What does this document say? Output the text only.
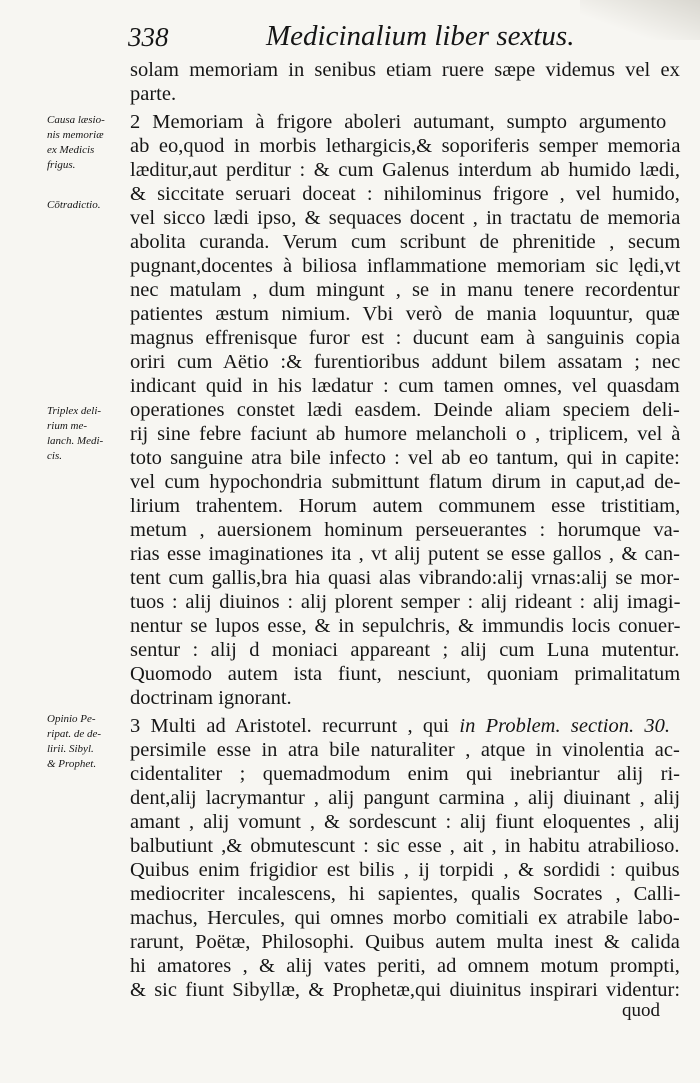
338	Medicinalium liber sextus.
Causa læsio-
nis memoriæ
ex Medicis
frigus.
Cōtradictio.
Triplex deli-
rium me-
lanch. Medi-
cis.
Opinio Pe-
ripat. de de-
lirii. Sibyl.
& Prophet.
solam memoriam in senibus etiam ruere sæpe videmus vel ex
parte.
2 Memoriam à frigore aboleri autumant, sumpto argumento
ab eo,quod in morbis lethargicis,& soporiferis semper memoria
læditur,aut perditur : & cum Galenus interdum ab humido lædi,
& siccitate seruari doceat : nihilominus frigore , vel humido,
vel sicco lædi ipso, & sequaces docent , in tractatu de memoria
abolita curanda. Verum cum scribunt de phrenitide , secum
pugnant,docentes à biliosa inflammatione memoriam sic lędi,vt
nec matulam , dum mingunt , se in manu tenere recordentur
patientes æstum nimium. Vbi verò de mania loquuntur, quæ
magnus effrenisque furor est : ducunt eam à sanguinis copia
oriri cum Aëtio :& furentioribus addunt bilem assatam ; nec
indicant quid in his lædatur : cum tamen omnes, vel quasdam
operationes constet lædi easdem. Deinde aliam speciem deli-
rij sine febre faciunt ab humore melancholi o , triplicem, vel à
toto sanguine atra bile infecto : vel ab eo tantum, qui in capite:
vel cum hypochondria submittunt flatum dirum in caput,ad de-
lirium trahentem. Horum autem communem esse tristitiam,
metum , auersionem hominum perseuerantes : horumque va-
rias esse imaginationes ita , vt alij putent se esse gallos , & can-
tent cum gallis,bra hia quasi alas vibrando:alij vrnas:alij se mor-
tuos : alij diuinos : alij plorent semper : alij rideant : alij imagi-
nentur se lupos esse, & in sepulchris, & immundis locis conuer-
sentur : alij d moniaci appareant ; alij cum Luna mutentur.
Quomodo autem ista fiunt, nesciunt, quoniam primalitatum
doctrinam ignorant.
3 Multi ad Aristotel. recurrunt , qui in Problem. section. 30.
persimile esse in atra bile naturaliter , atque in vinolentia ac-
cidentaliter ; quemadmodum enim qui inebriantur alij ri-
dent,alij lacrymantur , alij pangunt carmina , alij diuinant , alij
amant , alij vomunt , & sordescunt : alij fiunt eloquentes , alij
balbutiunt ,& obmutescunt : sic esse , ait , in habitu atrabilioso.
Quibus enim frigidior est bilis , ij torpidi , & sordidi : quibus
mediocriter incalescens, hi sapientes, qualis Socrates , Calli-
machus, Hercules, qui omnes morbo comitiali ex atrabile labo-
rarunt, Poëtæ, Philosophi. Quibus autem multa inest & calida
hi amatores , & alij vates periti, ad omnem motum prompti,
& sic fiunt Sibyllæ, & Prophetæ,qui diuinitus inspirari videntur:
quod
